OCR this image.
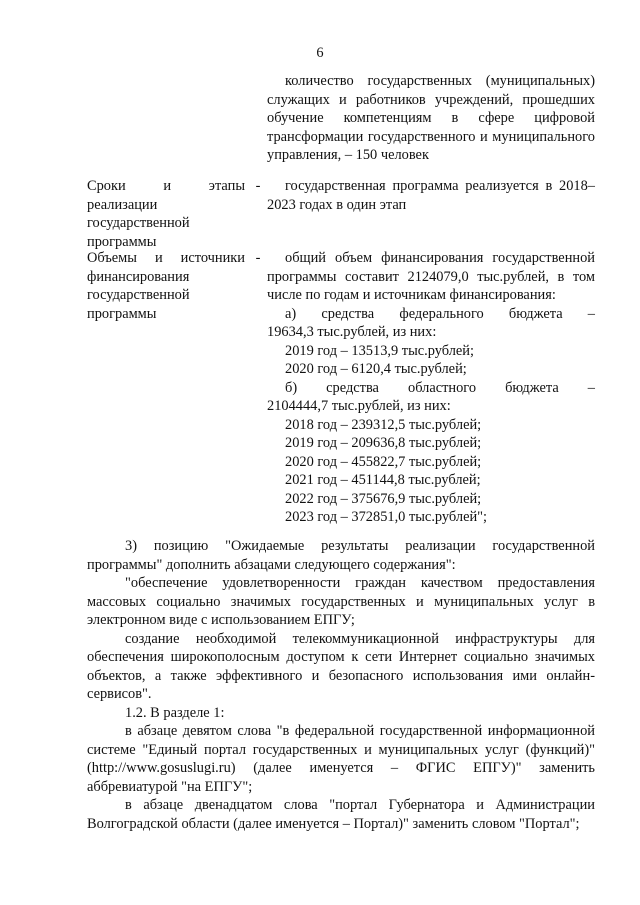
6

количество государственных (муниципальных) служащих и работников учреждений, прошедших обучение компетенциям в сфере цифровой трансформации государственного и муниципального управления, – 150 человек

Сроки и этапы реализации государственной программы
-	государственная программа реализуется в 2018–2023 годах в один этап

Объемы и источники финансирования государственной программы
-	общий объем финансирования государственной программы составит 2124079,0 тыс.рублей, в том числе по годам и источникам финансирования:

а) средства федерального бюджета –

19634,3 тыс.рублей, из них:

2019 год – 13513,9 тыс.рублей;

2020 год – 6120,4 тыс.рублей;

б) средства областного бюджета –

2104444,7 тыс.рублей, из них:

2018 год – 239312,5 тыс.рублей;

2019 год – 209636,8 тыс.рублей;

2020 год – 455822,7 тыс.рублей;

2021 год – 451144,8 тыс.рублей;

2022 год – 375676,9 тыс.рублей;

2023 год – 372851,0 тыс.рублей";

3) позицию "Ожидаемые результаты реализации государственной программы" дополнить абзацами следующего содержания":

"обеспечение удовлетворенности граждан качеством предоставления массовых социально значимых государственных и муниципальных услуг в электронном виде с использованием ЕПГУ;

создание необходимой телекоммуникационной инфраструктуры для обеспечения широкополосным доступом к сети Интернет социально значимых объектов, а также эффективного и безопасного использования ими онлайн-сервисов".

1.2. В разделе 1:

в абзаце девятом слова "в федеральной государственной информационной системе "Единый портал государственных и муниципальных услуг (функций)" (http://www.gosuslugi.ru) (далее именуется – ФГИС ЕПГУ)" заменить аббревиатурой "на ЕПГУ";

в абзаце двенадцатом слова "портал Губернатора и Администрации Волгоградской области (далее именуется – Портал)" заменить словом "Портал";
